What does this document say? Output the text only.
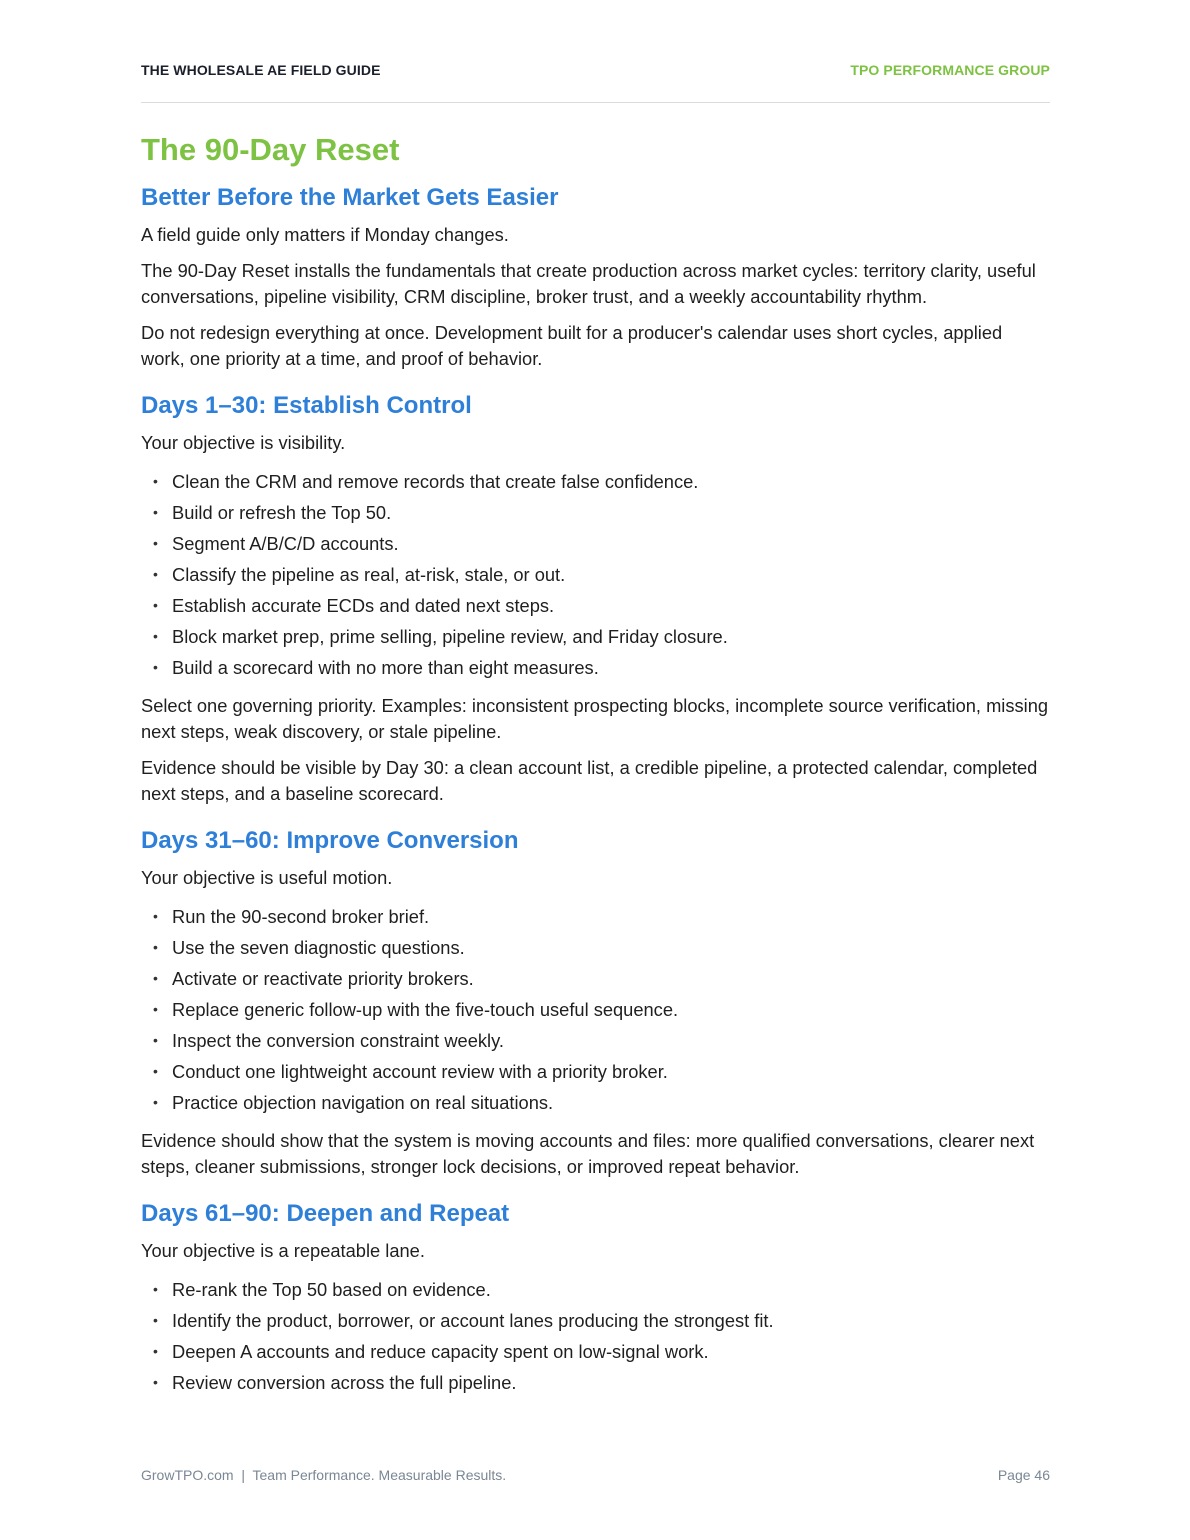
THE WHOLESALE AE FIELD GUIDE	TPO PERFORMANCE GROUP
The 90-Day Reset
Better Before the Market Gets Easier

A field guide only matters if Monday changes.

The 90-Day Reset installs the fundamentals that create production across market cycles: territory clarity, useful conversations, pipeline visibility, CRM discipline, broker trust, and a weekly accountability rhythm.

Do not redesign everything at once. Development built for a producer's calendar uses short cycles, applied work, one priority at a time, and proof of behavior.

Days 1–30: Establish Control

Your objective is visibility.

• Clean the CRM and remove records that create false confidence.
• Build or refresh the Top 50.
• Segment A/B/C/D accounts.
• Classify the pipeline as real, at-risk, stale, or out.
• Establish accurate ECDs and dated next steps.
• Block market prep, prime selling, pipeline review, and Friday closure.
• Build a scorecard with no more than eight measures.

Select one governing priority. Examples: inconsistent prospecting blocks, incomplete source verification, missing next steps, weak discovery, or stale pipeline.

Evidence should be visible by Day 30: a clean account list, a credible pipeline, a protected calendar, completed next steps, and a baseline scorecard.

Days 31–60: Improve Conversion

Your objective is useful motion.

• Run the 90-second broker brief.
• Use the seven diagnostic questions.
• Activate or reactivate priority brokers.
• Replace generic follow-up with the five-touch useful sequence.
• Inspect the conversion constraint weekly.
• Conduct one lightweight account review with a priority broker.
• Practice objection navigation on real situations.

Evidence should show that the system is moving accounts and files: more qualified conversations, clearer next steps, cleaner submissions, stronger lock decisions, or improved repeat behavior.

Days 61–90: Deepen and Repeat

Your objective is a repeatable lane.

• Re-rank the Top 50 based on evidence.
• Identify the product, borrower, or account lanes producing the strongest fit.
• Deepen A accounts and reduce capacity spent on low-signal work.
• Review conversion across the full pipeline.
GrowTPO.com  |  Team Performance. Measurable Results.	Page 46
